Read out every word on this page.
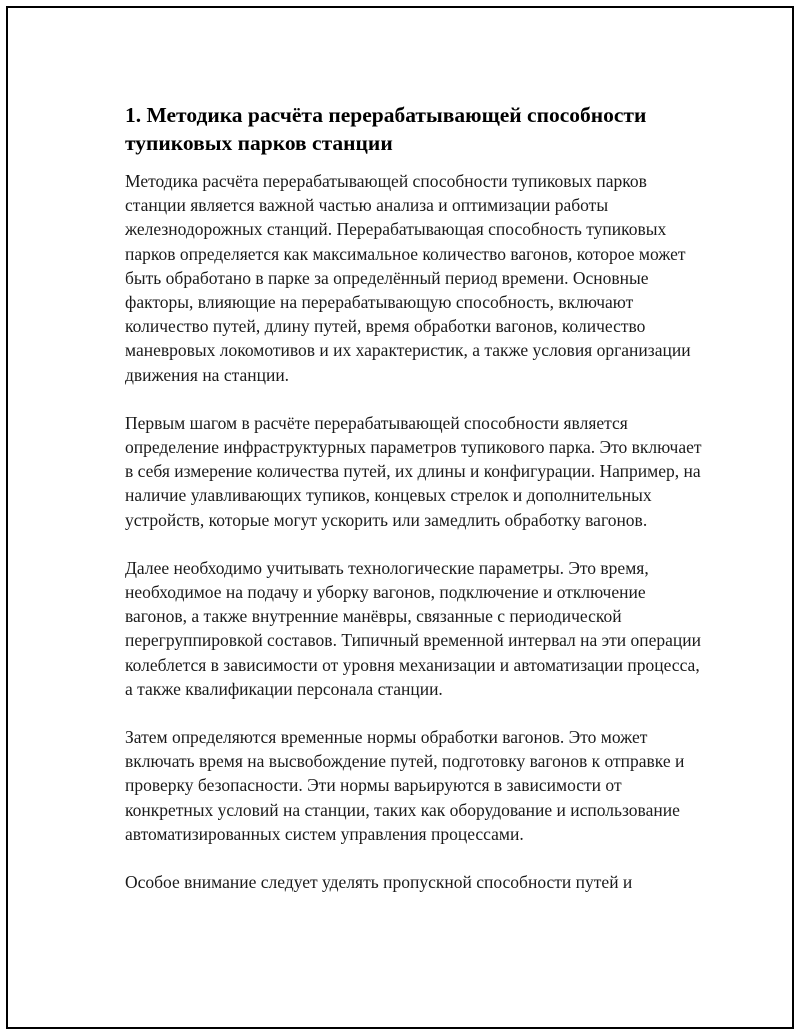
1. Методика расчёта перерабатывающей способности тупиковых парков станции

Методика расчёта перерабатывающей способности тупиковых парков станции является важной частью анализа и оптимизации работы железнодорожных станций. Перерабатывающая способность тупиковых парков определяется как максимальное количество вагонов, которое может быть обработано в парке за определённый период времени. Основные факторы, влияющие на перерабатывающую способность, включают количество путей, длину путей, время обработки вагонов, количество маневровых локомотивов и их характеристик, а также условия организации движения на станции.

Первым шагом в расчёте перерабатывающей способности является определение инфраструктурных параметров тупикового парка. Это включает в себя измерение количества путей, их длины и конфигурации. Например, на наличие улавливающих тупиков, концевых стрелок и дополнительных устройств, которые могут ускорить или замедлить обработку вагонов.

Далее необходимо учитывать технологические параметры. Это время, необходимое на подачу и уборку вагонов, подключение и отключение вагонов, а также внутренние манёвры, связанные с периодической перегруппировкой составов. Типичный временной интервал на эти операции колеблется в зависимости от уровня механизации и автоматизации процесса, а также квалификации персонала станции.

Затем определяются временные нормы обработки вагонов. Это может включать время на высвобождение путей, подготовку вагонов к отправке и проверку безопасности. Эти нормы варьируются в зависимости от конкретных условий на станции, таких как оборудование и использование автоматизированных систем управления процессами.

Особое внимание следует уделять пропускной способности путей и
